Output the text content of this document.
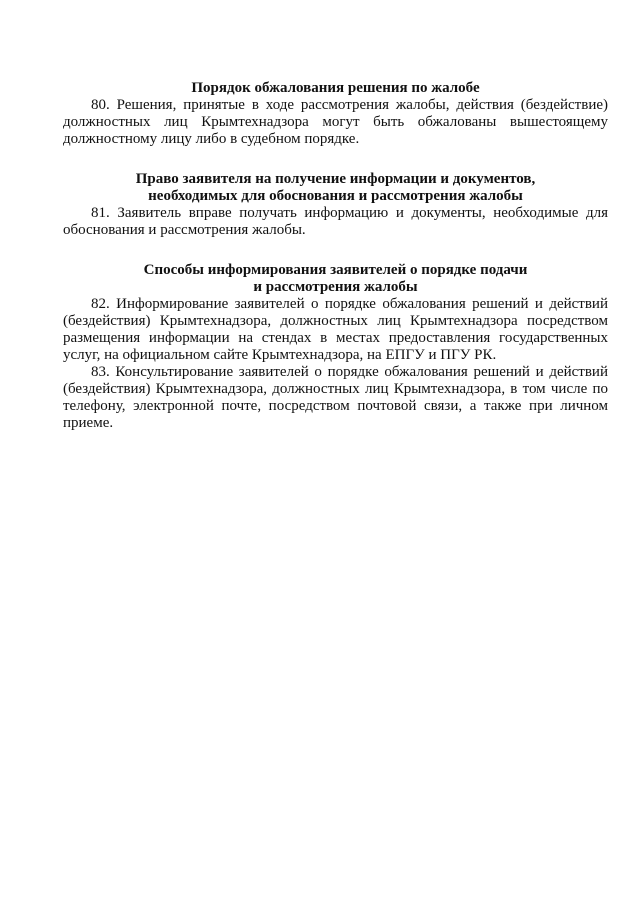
Порядок обжалования решения по жалобе
80. Решения, принятые в ходе рассмотрения жалобы, действия (бездействие) должностных лиц Крымтехнадзора могут быть обжалованы вышестоящему должностному лицу либо в судебном порядке.
Право заявителя на получение информации и документов,
необходимых для обоснования и рассмотрения жалобы
81. Заявитель вправе получать информацию и документы, необходимые для обоснования и рассмотрения жалобы.
Способы информирования заявителей о порядке подачи
и рассмотрения жалобы
82. Информирование заявителей о порядке обжалования решений и действий (бездействия) Крымтехнадзора, должностных лиц Крымтехнадзора посредством размещения информации на стендах в местах предоставления государственных услуг, на официальном сайте Крымтехнадзора, на ЕПГУ и ПГУ РК.
83. Консультирование заявителей о порядке обжалования решений и действий (бездействия) Крымтехнадзора, должностных лиц Крымтехнадзора, в том числе по телефону, электронной почте, посредством почтовой связи, а также при личном приеме.
